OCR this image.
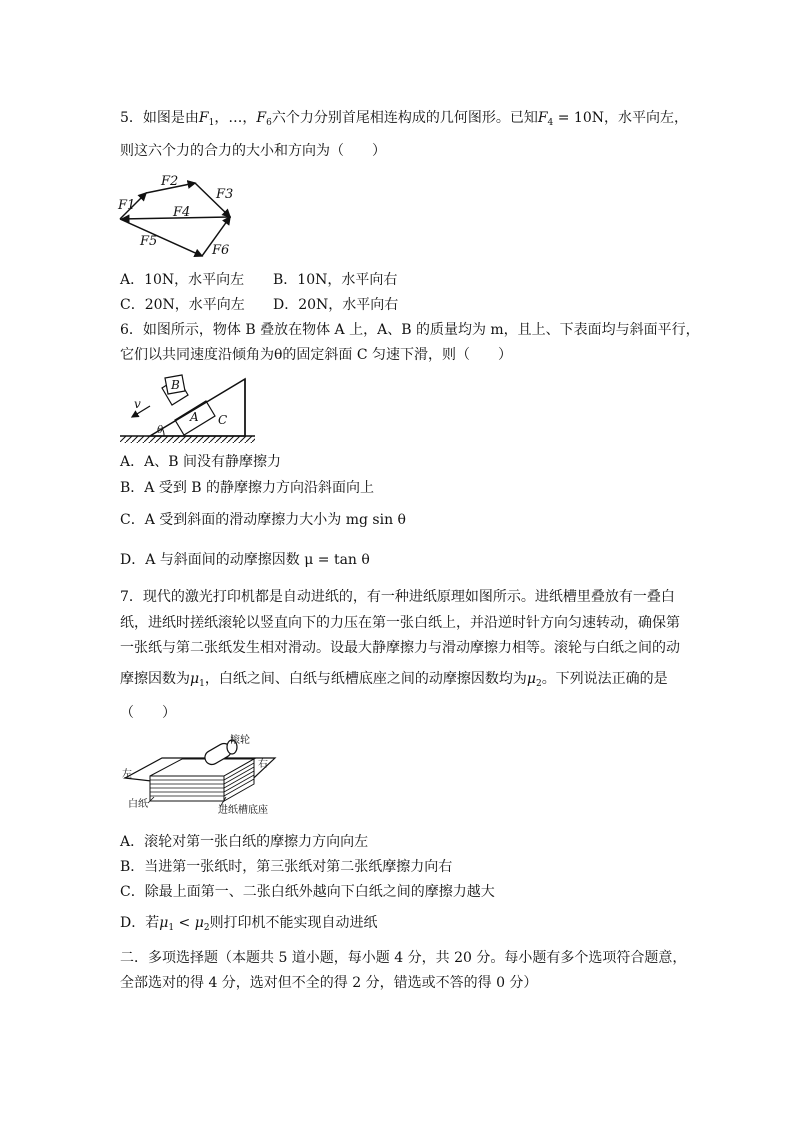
5．如图是由$F_1$，…，$F_6$六个力分别首尾相连构成的几何图形。已知$F_4 = 10N$，水平向左，
则这六个力的合力的大小和方向为（　　）
F1
F2
F3
F4
F5
F6
A．10N，水平向左 B．10N，水平向右
C．20N，水平向左 D．20N，水平向右
6．如图所示，物体 B 叠放在物体 A 上，A、B 的质量均为 m，且上、下表面均与斜面平行，
它们以共同速度沿倾角为θ的固定斜面 C 匀速下滑，则（　　）
B
A C
v
θ
A．A、B 间没有静摩擦力
B．A 受到 B 的静摩擦力方向沿斜面向上
C．A 受到斜面的滑动摩擦力大小为 mg sin θ
D．A 与斜面间的动摩擦因数 μ = tan θ
7．现代的激光打印机都是自动进纸的，有一种进纸原理如图所示。进纸槽里叠放有一叠白
纸，进纸时搓纸滚轮以竖直向下的力压在第一张白纸上，并沿逆时针方向匀速转动，确保第
一张纸与第二张纸发生相对滑动。设最大静摩擦力与滑动摩擦力相等。滚轮与白纸之间的动
摩擦因数为$\mu_1$，白纸之间、白纸与纸槽底座之间的动摩擦因数均为$\mu_2$。下列说法正确的是
（　　）
滚轮
左
右
白纸
进纸槽底座
A．滚轮对第一张白纸的摩擦力方向向左
B．当进第一张纸时，第三张纸对第二张纸摩擦力向右
C．除最上面第一、二张白纸外越向下白纸之间的摩擦力越大
D．若$\mu_1 < \mu_2$则打印机不能实现自动进纸
二．多项选择题（本题共 5 道小题，每小题 4 分，共 20 分。每小题有多个选项符合题意，
全部选对的得 4 分，选对但不全的得 2 分，错选或不答的得 0 分）
